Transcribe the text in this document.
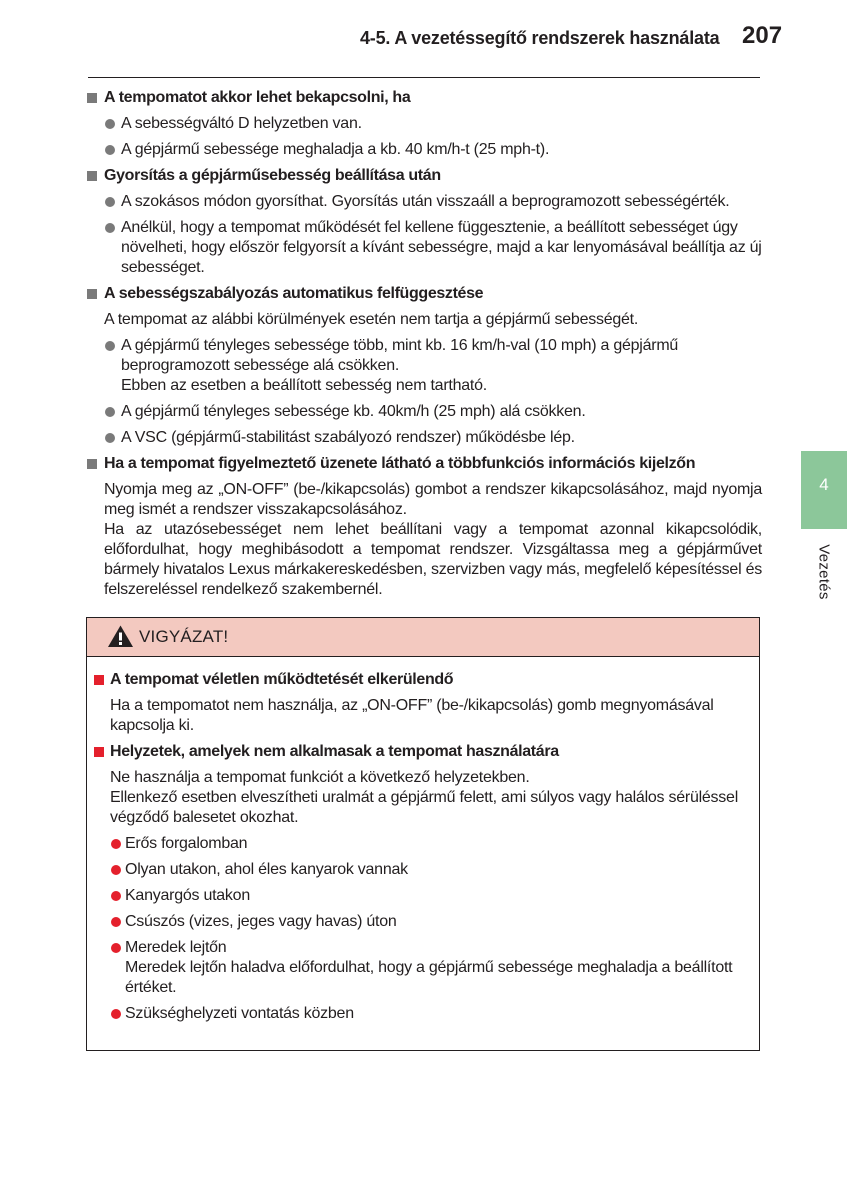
4-5. A vezetéssegítő rendszerek használata 207
4
Vezetés
A tempomatot akkor lehet bekapcsolni, ha
A sebességváltó D helyzetben van.
A gépjármű sebessége meghaladja a kb. 40 km/h-t (25 mph-t).
Gyorsítás a gépjárműsebesség beállítása után
A szokásos módon gyorsíthat. Gyorsítás után visszaáll a beprogramozott sebességérték.
Anélkül, hogy a tempomat működését fel kellene függesztenie, a beállított sebességet úgy növelheti, hogy először felgyorsít a kívánt sebességre, majd a kar lenyomásával beállítja az új sebességet.
A sebességszabályozás automatikus felfüggesztése
A tempomat az alábbi körülmények esetén nem tartja a gépjármű sebességét.
A gépjármű tényleges sebessége több, mint kb. 16 km/h-val (10 mph) a gépjármű beprogramozott sebessége alá csökken.
Ebben az esetben a beállított sebesség nem tartható.
A gépjármű tényleges sebessége kb. 40km/h (25 mph) alá csökken.
A VSC (gépjármű-stabilitást szabályozó rendszer) működésbe lép.
Ha a tempomat figyelmeztető üzenete látható a többfunkciós információs kijelzőn
Nyomja meg az „ON-OFF” (be-/kikapcsolás) gombot a rendszer kikapcsolásához, majd nyomja meg ismét a rendszer visszakapcsolásához.
Ha az utazósebességet nem lehet beállítani vagy a tempomat azonnal kikapcsolódik, előfordulhat, hogy meghibásodott a tempomat rendszer. Vizsgáltassa meg a gépjárművet bármely hivatalos Lexus márkakereskedésben, szervizben vagy más, megfelelő képesítéssel és felszereléssel rendelkező szakembernél.
VIGYÁZAT!
A tempomat véletlen működtetését elkerülendő
Ha a tempomatot nem használja, az „ON-OFF” (be-/kikapcsolás) gomb megnyomásával kapcsolja ki.
Helyzetek, amelyek nem alkalmasak a tempomat használatára
Ne használja a tempomat funkciót a következő helyzetekben.
Ellenkező esetben elveszítheti uralmát a gépjármű felett, ami súlyos vagy halálos sérüléssel végződő balesetet okozhat.
Erős forgalomban
Olyan utakon, ahol éles kanyarok vannak
Kanyargós utakon
Csúszós (vizes, jeges vagy havas) úton
Meredek lejtőn
Meredek lejtőn haladva előfordulhat, hogy a gépjármű sebessége meghaladja a beállított értéket.
Szükséghelyzeti vontatás közben
